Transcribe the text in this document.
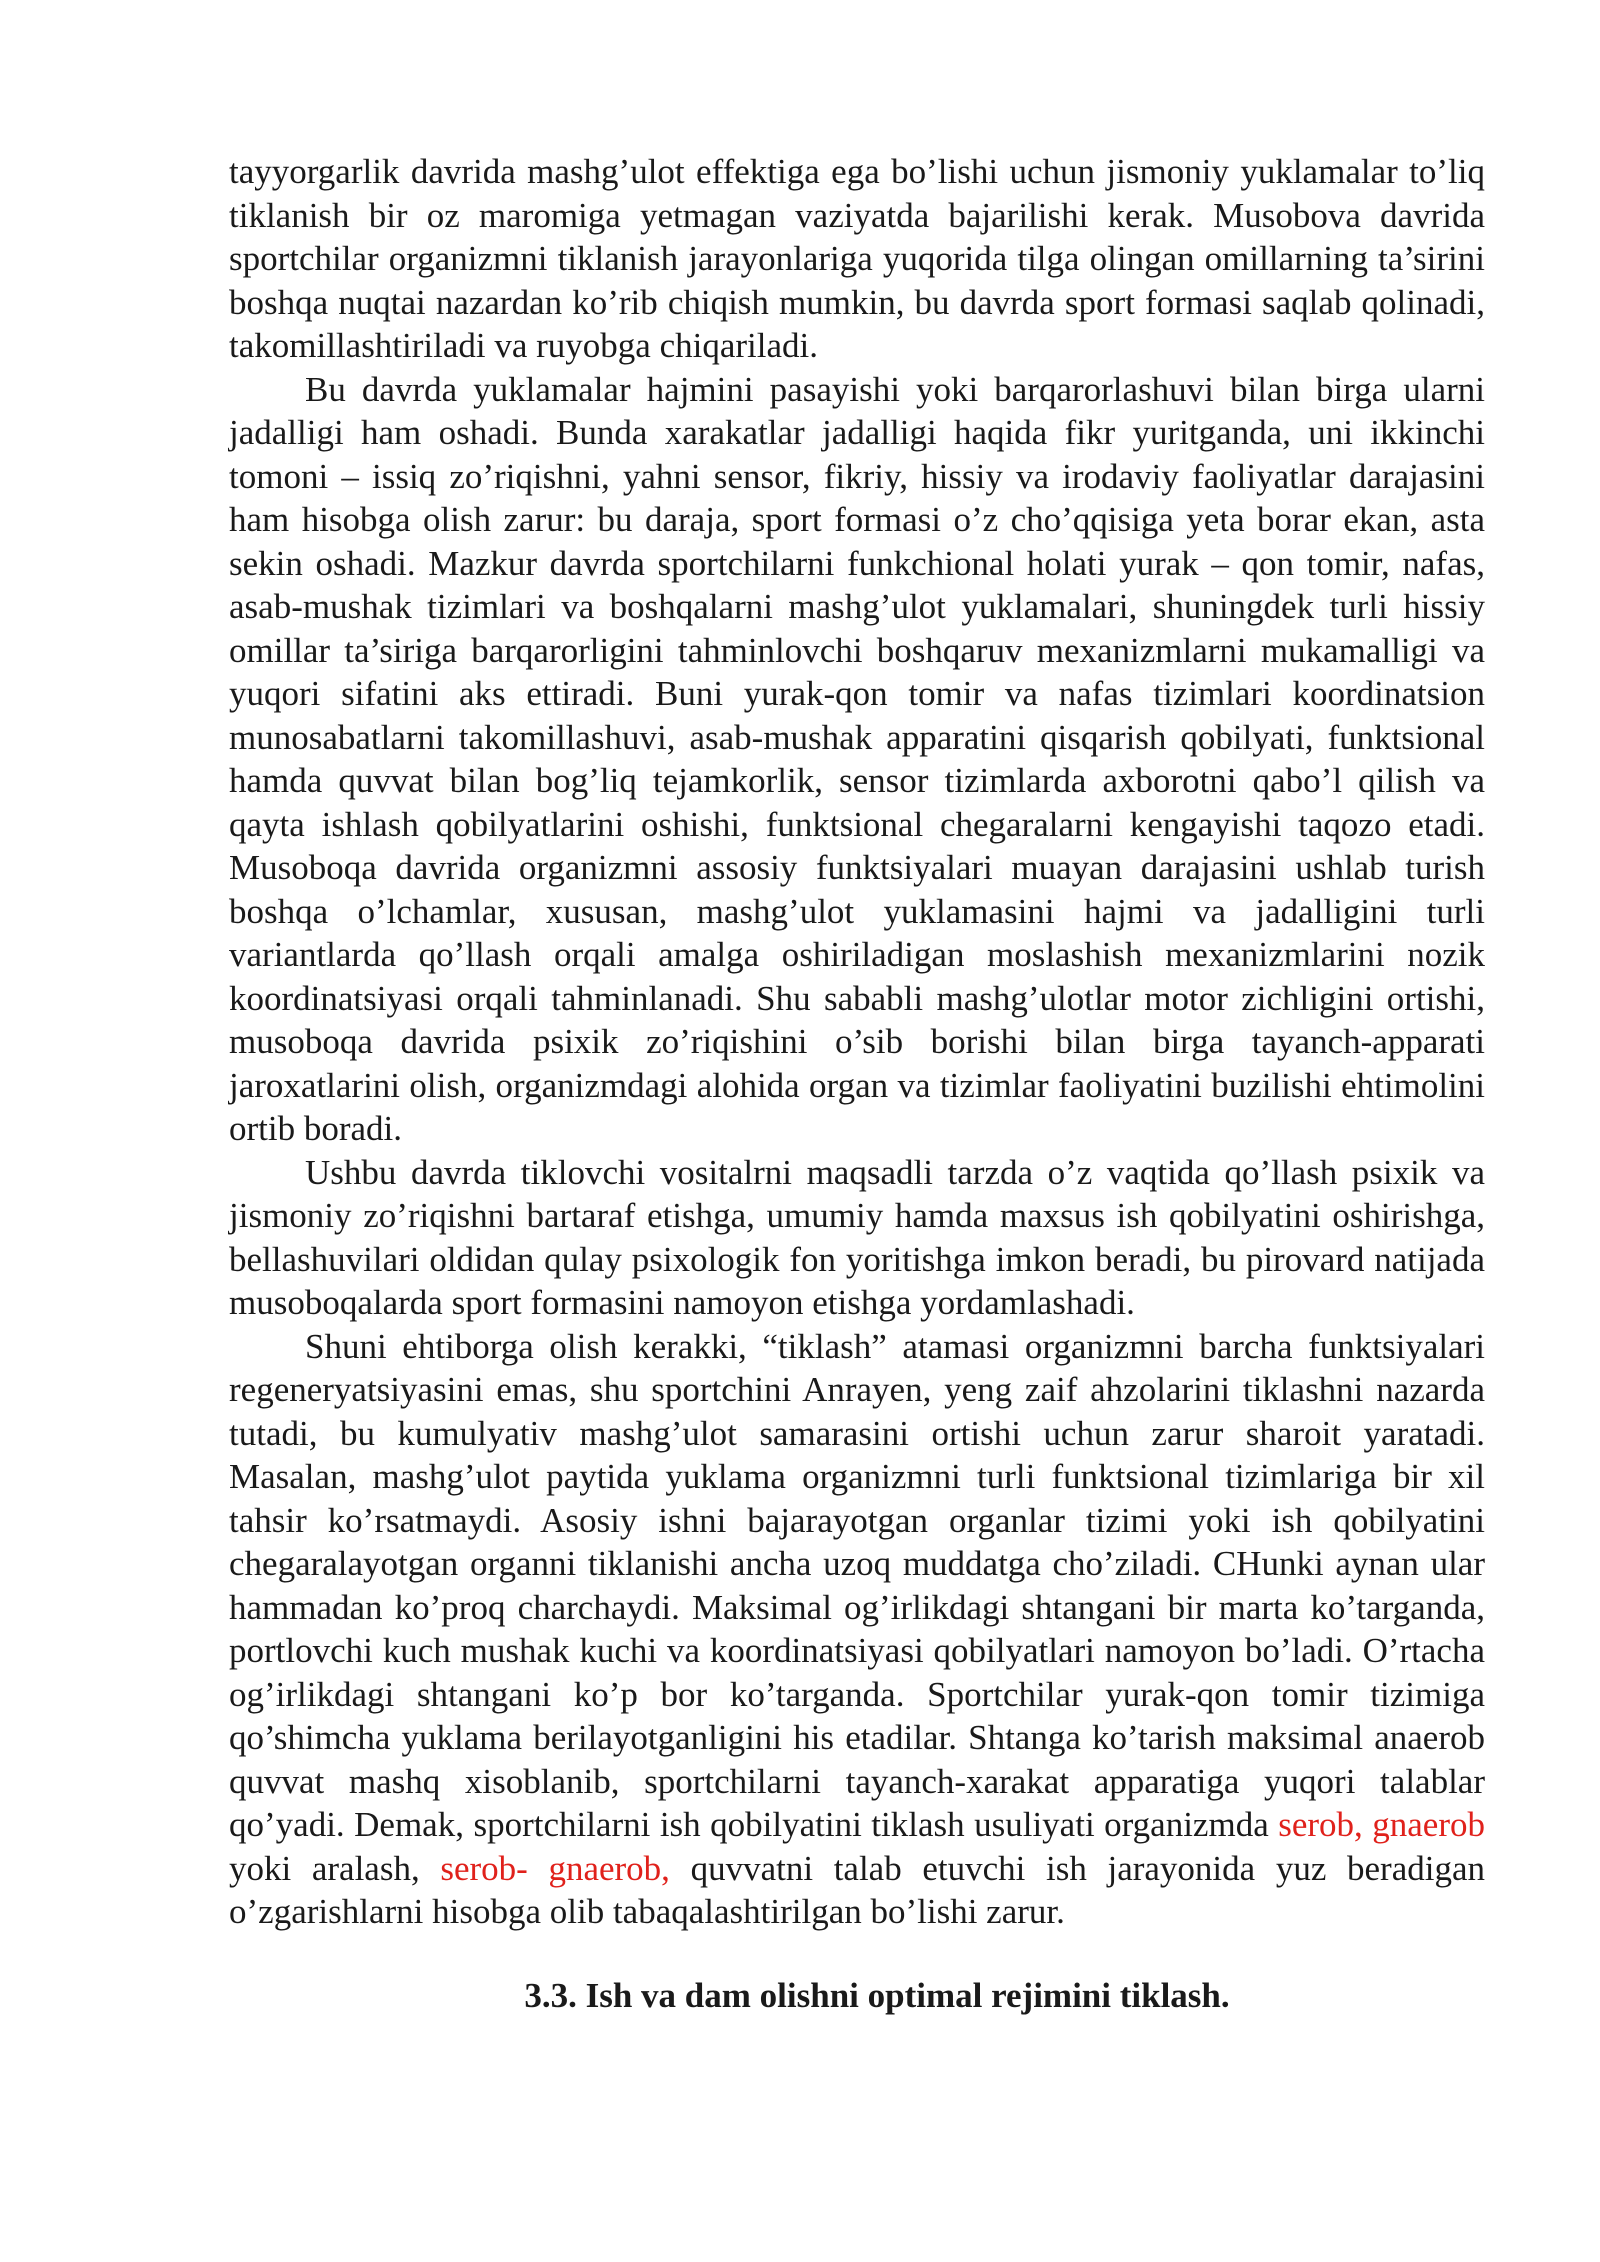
tayyorgarlik davrida mashg’ulot effektiga ega bo’lishi uchun jismoniy yuklamalar to’liq tiklanish bir oz maromiga yetmagan vaziyatda bajarilishi kerak. Musobova davrida sportchilar organizmni tiklanish jarayonlariga yuqorida tilga olingan omillarning ta’sirini boshqa nuqtai nazardan ko’rib chiqish mumkin, bu davrda sport formasi saqlab qolinadi, takomillashtiriladi va ruyobga chiqariladi.

Bu davrda yuklamalar hajmini pasayishi yoki barqarorlashuvi bilan birga ularni jadalligi ham oshadi. Bunda xarakatlar jadalligi haqida fikr yuritganda, uni ikkinchi tomoni – issiq zo’riqishni, yahni sensor, fikriy, hissiy va irodaviy faoliyatlar darajasini ham hisobga olish zarur: bu daraja, sport formasi o’z cho’qqisiga yeta borar ekan, asta sekin oshadi. Mazkur davrda sportchilarni funkchional holati yurak – qon tomir, nafas, asab-mushak tizimlari va boshqalarni mashg’ulot yuklamalari, shuningdek turli hissiy omillar ta’siriga barqarorligini tahminlovchi boshqaruv mexanizmlarni mukamalligi va yuqori sifatini aks ettiradi. Buni yurak-qon tomir va nafas tizimlari koordinatsion munosabatlarni takomillashuvi, asab-mushak apparatini qisqarish qobilyati, funktsional hamda quvvat bilan bog’liq tejamkorlik, sensor tizimlarda axborotni qabo’l qilish va qayta ishlash qobilyatlarini oshishi, funktsional chegaralarni kengayishi taqozo etadi. Musoboqa davrida organizmni assosiy funktsiyalari muayan darajasini ushlab turish boshqa o’lchamlar, xususan, mashg’ulot yuklamasini hajmi va jadalligini turli variantlarda qo’llash orqali amalga oshiriladigan moslashish mexanizmlarini nozik koordinatsiyasi orqali tahminlanadi. Shu sababli mashg’ulotlar motor zichligini ortishi, musoboqa davrida psixik zo’riqishini o’sib borishi bilan birga tayanch-apparati jaroxatlarini olish, organizmdagi alohida organ va tizimlar faoliyatini buzilishi ehtimolini ortib boradi.

Ushbu davrda tiklovchi vositalrni maqsadli tarzda o’z vaqtida qo’llash psixik va jismoniy zo’riqishni bartaraf etishga, umumiy hamda maxsus ish qobilyatini oshirishga, bellashuvilari oldidan qulay psixologik fon yoritishga imkon beradi, bu pirovard natijada musoboqalarda sport formasini namoyon etishga yordamlashadi.

Shuni ehtiborga olish kerakki, “tiklash” atamasi organizmni barcha funktsiyalari regeneryatsiyasini emas, shu sportchini Anrayen, yeng zaif ahzolarini tiklashni nazarda tutadi, bu kumulyativ mashg’ulot samarasini ortishi uchun zarur sharoit yaratadi. Masalan, mashg’ulot paytida yuklama organizmni turli funktsional tizimlariga bir xil tahsir ko’rsatmaydi. Asosiy ishni bajarayotgan organlar tizimi yoki ish qobilyatini chegaralayotgan organni tiklanishi ancha uzoq muddatga cho’ziladi. CHunki aynan ular hammadan ko’proq charchaydi. Maksimal og’irlikdagi shtangani bir marta ko’targanda, portlovchi kuch mushak kuchi va koordinatsiyasi qobilyatlari namoyon bo’ladi. O’rtacha og’irlikdagi shtangani ko’p bor ko’targanda. Sportchilar yurak-qon tomir tizimiga qo’shimcha yuklama berilayotganligini his etadilar. Shtanga ko’tarish maksimal anaerob quvvat mashq xisoblanib, sportchilarni tayanch-xarakat apparatiga yuqori talablar qo’yadi. Demak, sportchilarni ish qobilyatini tiklash usuliyati organizmda serob, gnaerob yoki aralash, serob- gnaerob, quvvatni talab etuvchi ish jarayonida yuz beradigan o’zgarishlarni hisobga olib tabaqalashtirilgan bo’lishi zarur.

3.3. Ish va dam olishni optimal rejimini tiklash.
